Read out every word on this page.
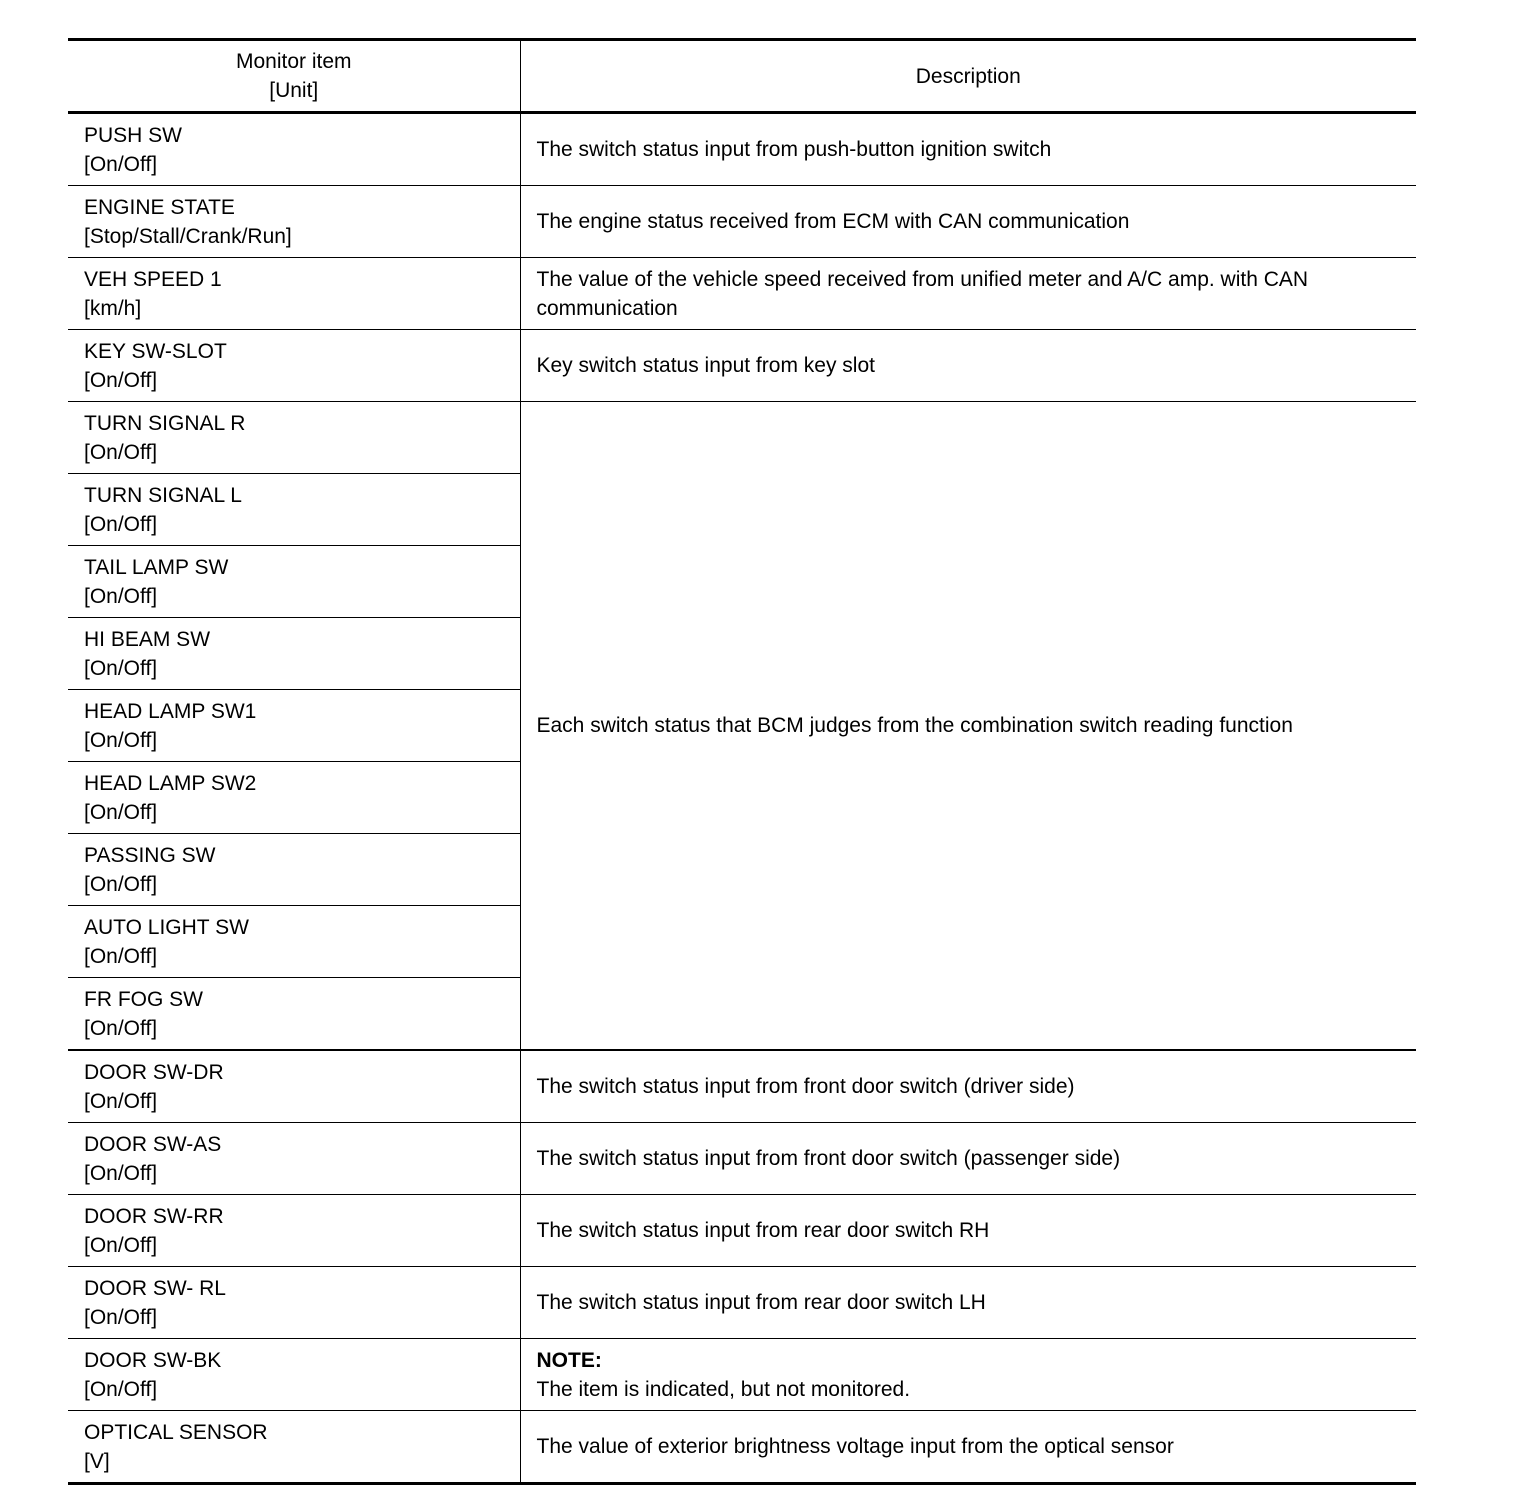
Monitor item
[Unit]	Description

PUSH SW
[On/Off]	The switch status input from push-button ignition switch

ENGINE STATE
[Stop/Stall/Crank/Run]	The engine status received from ECM with CAN communication

VEH SPEED 1
[km/h]	The value of the vehicle speed received from unified meter and A/C amp. with CAN communication

KEY SW-SLOT
[On/Off]	Key switch status input from key slot

TURN SIGNAL R
[On/Off]	Each switch status that BCM judges from the combination switch reading function

TURN SIGNAL L
[On/Off]	

TAIL LAMP SW
[On/Off]	

HI BEAM SW
[On/Off]	

HEAD LAMP SW1
[On/Off]	

HEAD LAMP SW2
[On/Off]	

PASSING SW
[On/Off]	

AUTO LIGHT SW
[On/Off]	

FR FOG SW
[On/Off]	

DOOR SW-DR
[On/Off]	The switch status input from front door switch (driver side)

DOOR SW-AS
[On/Off]	The switch status input from front door switch (passenger side)

DOOR SW-RR
[On/Off]	The switch status input from rear door switch RH

DOOR SW- RL
[On/Off]	The switch status input from rear door switch LH

DOOR SW-BK
[On/Off]	NOTE:
The item is indicated, but not monitored.

OPTICAL SENSOR
[V]	The value of exterior brightness voltage input from the optical sensor
